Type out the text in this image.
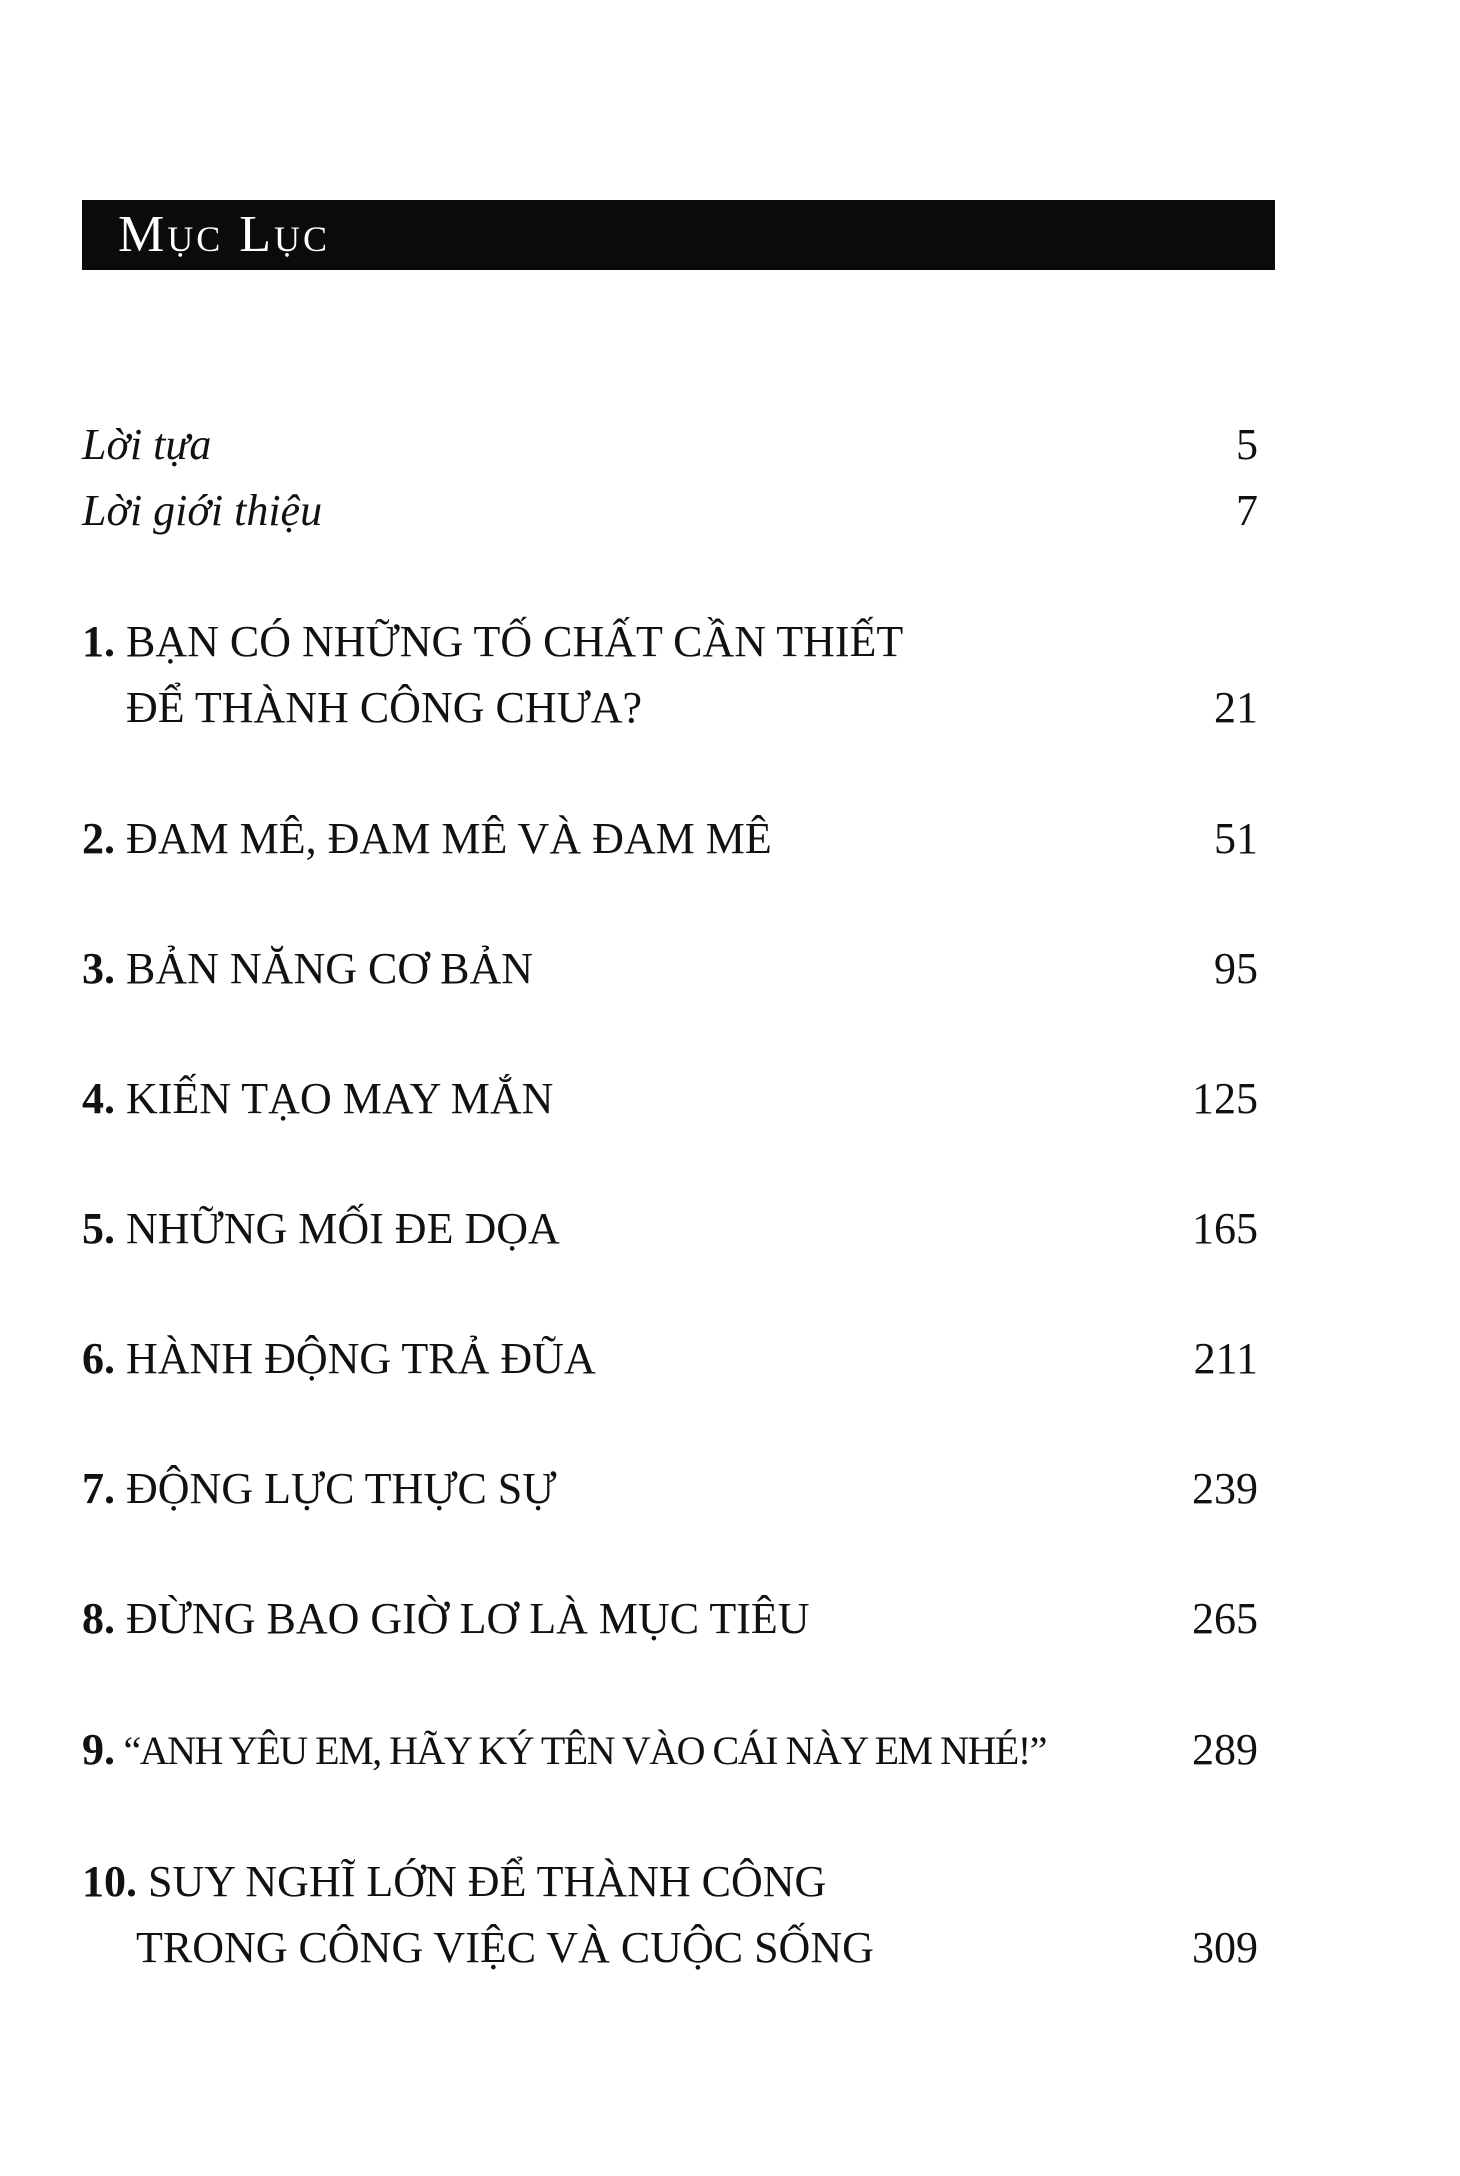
Mục Lục
Lời tựa	5
Lời giới thiệu	7
1. BẠN CÓ NHỮNG TỐ CHẤT CẦN THIẾT
ĐỂ THÀNH CÔNG CHƯA?	21
2. ĐAM MÊ, ĐAM MÊ VÀ ĐAM MÊ	51
3. BẢN NĂNG CƠ BẢN	95
4. KIẾN TẠO MAY MẮN	125
5. NHỮNG MỐI ĐE DỌA	165
6. HÀNH ĐỘNG TRẢ ĐŨA	211
7. ĐỘNG LỰC THỰC SỰ	239
8. ĐỪNG BAO GIỜ LƠ LÀ MỤC TIÊU	265
9. “ANH YÊU EM, HÃY KÝ TÊN VÀO CÁI NÀY EM NHÉ!”	289
10. SUY NGHĨ LỚN ĐỂ THÀNH CÔNG
TRONG CÔNG VIỆC VÀ CUỘC SỐNG	309
